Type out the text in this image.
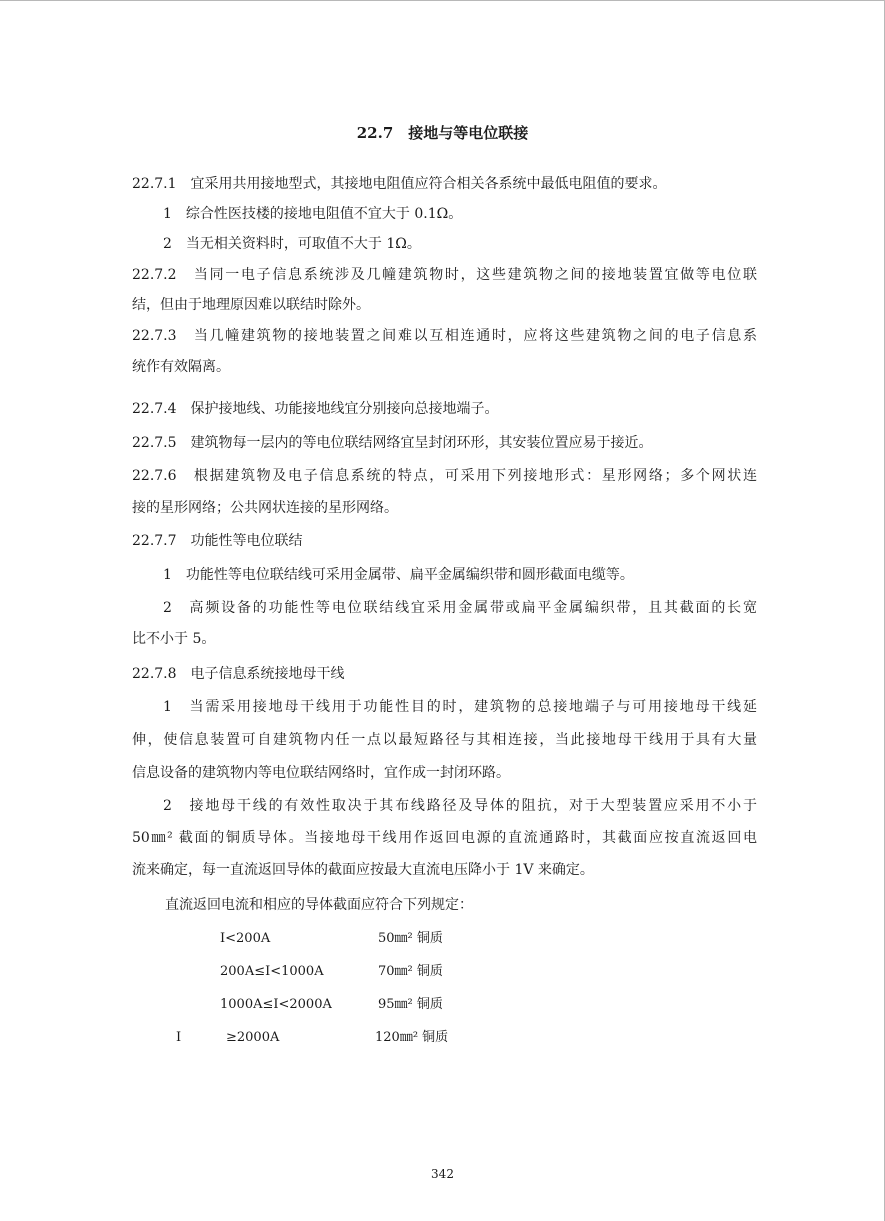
22.7　接地与等电位联接
22.7.1　宜采用共用接地型式，其接地电阻值应符合相关各系统中最低电阻值的要求。
1　综合性医技楼的接地电阻值不宜大于 0.1Ω。
2　当无相关资料时，可取值不大于 1Ω。
22.7.2　当同一电子信息系统涉及几幢建筑物时，这些建筑物之间的接地装置宜做等电位联
结，但由于地理原因难以联结时除外。
22.7.3　当几幢建筑物的接地装置之间难以互相连通时，应将这些建筑物之间的电子信息系
统作有效隔离。
22.7.4　保护接地线、功能接地线宜分别接向总接地端子。
22.7.5　建筑物每一层内的等电位联结网络宜呈封闭环形，其安装位置应易于接近。
22.7.6　根据建筑物及电子信息系统的特点，可采用下列接地形式：星形网络；多个网状连
接的星形网络；公共网状连接的星形网络。
22.7.7　功能性等电位联结
1　功能性等电位联结线可采用金属带、扁平金属编织带和圆形截面电缆等。
2　高频设备的功能性等电位联结线宜采用金属带或扁平金属编织带，且其截面的长宽
比不小于 5。
22.7.8　电子信息系统接地母干线
1　当需采用接地母干线用于功能性目的时，建筑物的总接地端子与可用接地母干线延
伸，使信息装置可自建筑物内任一点以最短路径与其相连接，当此接地母干线用于具有大量
信息设备的建筑物内等电位联结网络时，宜作成一封闭环路。
2　接地母干线的有效性取决于其布线路径及导体的阻抗，对于大型装置应采用不小于
50㎜² 截面的铜质导体。当接地母干线用作返回电源的直流通路时，其截面应按直流返回电
流来确定，每一直流返回导体的截面应按最大直流电压降小于 1V 来确定。
直流返回电流和相应的导体截面应符合下列规定：
I<200A	50㎜² 铜质
200A≤I<1000A	70㎜² 铜质
1000A≤I<2000A	95㎜² 铜质
I	≥2000A	120㎜² 铜质
342
